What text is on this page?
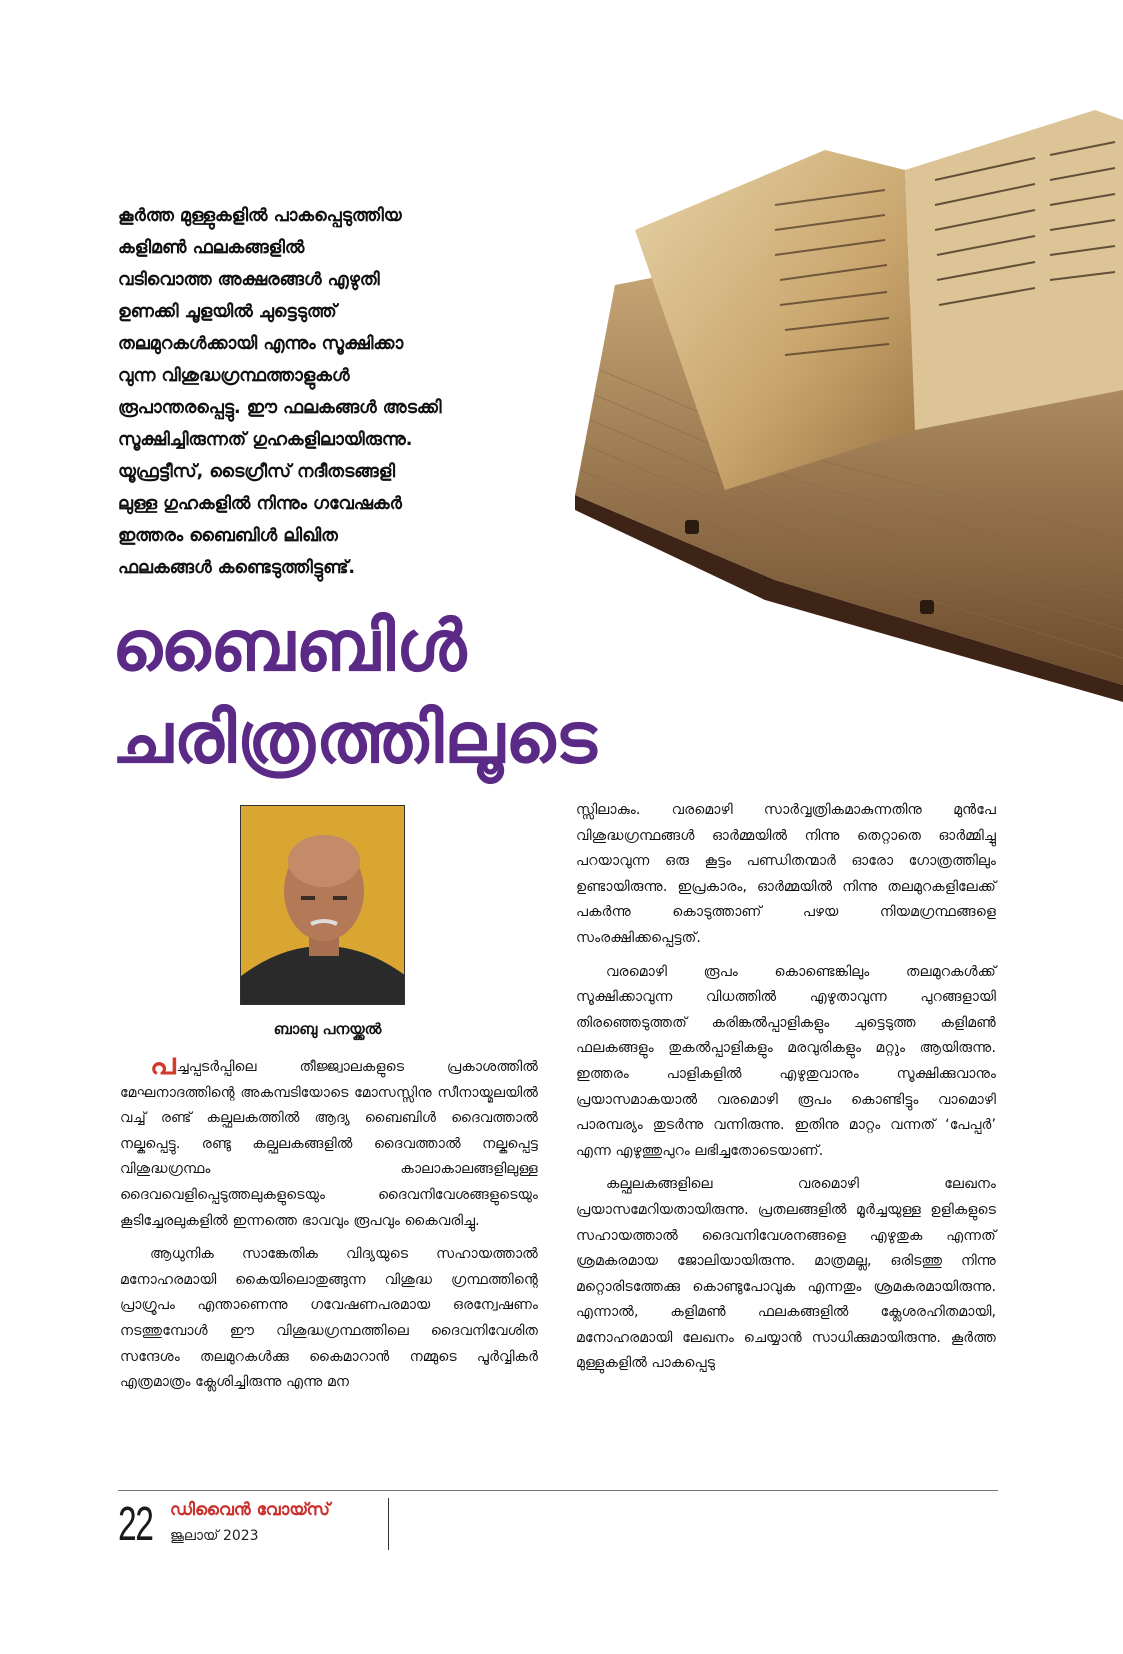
കൂർത്ത മുള്ളുകളിൽ പാകപ്പെടുത്തിയ

കളിമൺ ഫലകങ്ങളിൽ

വടിവൊത്ത അക്ഷരങ്ങൾ എഴുതി

ഉണക്കി ചൂളയിൽ ചുട്ടെടുത്ത്

തലമുറകൾക്കായി എന്നും സൂക്ഷിക്കാ

വുന്ന വിശുദ്ധഗ്രന്ഥത്താളുകൾ

രൂപാന്തരപ്പെട്ടു. ഈ ഫലകങ്ങൾ അടക്കി

സൂക്ഷിച്ചിരുന്നത് ഗുഹകളിലായിരുന്നു.

യൂഫ്രട്ടീസ്, ടൈഗ്രീസ് നദീതടങ്ങളി

ലുള്ള ഗുഹകളിൽ നിന്നും ഗവേഷകർ

ഇത്തരം ബൈബിൾ ലിഖിത

ഫലകങ്ങൾ കണ്ടെടുത്തിട്ടുണ്ട്.

ബൈബിൾ
ചരിത്രത്തിലൂടെ
ബാബു പനയ്ക്കൽ

പച്ചപ്പടർപ്പിലെ തീജ്ജ്വാലകളുടെ പ്രകാശത്തിൽ മേഘനാദത്തിന്റെ അകമ്പടിയോടെ മോസസ്സിനു സീനായ്മലയിൽ വച്ച് രണ്ട് കല്ഫലകത്തിൽ ആദ്യ ബൈബിൾ ദൈവത്താൽ നല്കപ്പെട്ടു. രണ്ടു കല്ഫലകങ്ങളിൽ ദൈവത്താൽ നല്കപ്പെട്ട വിശുദ്ധഗ്രന്ഥം കാലാകാലങ്ങളിലുള്ള ദൈവവെളിപ്പെടുത്തലുകളുടെയും ദൈവനിവേശങ്ങളുടെയും കൂടിച്ചേരലുകളിൽ ഇന്നത്തെ ഭാവവും രൂപവും കൈവരിച്ചു.

ആധുനിക സാങ്കേതിക വിദ്യയുടെ സഹായത്താൽ മനോഹരമായി കൈയിലൊതുങ്ങുന്ന വിശുദ്ധ ഗ്രന്ഥത്തിന്റെ പ്രാഗ്രൂപം എന്താണെന്നു ഗവേഷണപരമായ ഒരന്വേഷണം നടത്തുമ്പോൾ ഈ വിശുദ്ധഗ്രന്ഥത്തിലെ ദൈവനിവേശിത സന്ദേശം തലമുറകൾക്കു കൈമാറാൻ നമ്മുടെ പൂർവ്വികർ എത്രമാത്രം ക്ലേശിച്ചിരുന്നു എന്നു മന

സ്സിലാകും. വരമൊഴി സാർവ്വത്രികമാകുന്നതിനു മുൻപേ വിശുദ്ധഗ്രന്ഥങ്ങൾ ഓർമ്മയിൽ നിന്നു തെറ്റാതെ ഓർമ്മിച്ചു പറയാവുന്ന ഒരു കൂട്ടം പണ്ഡിതന്മാർ ഓരോ ഗോത്രത്തിലും ഉണ്ടായിരുന്നു. ഇപ്രകാരം, ഓർമ്മയിൽ നിന്നു തലമുറകളിലേക്ക് പകർന്നു കൊടുത്താണ് പഴയ നിയമഗ്രന്ഥങ്ങളെ സംരക്ഷിക്കപ്പെട്ടത്.

വരമൊഴി രൂപം കൊണ്ടെങ്കിലും തലമുറകൾക്ക് സൂക്ഷിക്കാവുന്ന വിധത്തിൽ എഴുതാവുന്ന പുറങ്ങളായി തിരഞ്ഞെടുത്തത് കരിങ്കൽപ്പാളികളും ചുട്ടെടുത്ത കളിമൺ ഫലകങ്ങളും തുകൽപ്പാളികളും മരവുരികളും മറ്റും ആയിരുന്നു. ഇത്തരം പാളികളിൽ എഴുതുവാനും സൂക്ഷിക്കുവാനും പ്രയാസമാകയാൽ വരമൊഴി രൂപം കൊണ്ടിട്ടും വാമൊഴി പാരമ്പര്യം തുടർന്നു വന്നിരുന്നു. ഇതിനു മാറ്റം വന്നത് ‘പേപ്പർ’ എന്ന എഴുത്തുപുറം ലഭിച്ചതോടെയാണ്.

കല്ഫലകങ്ങളിലെ വരമൊഴി ലേഖനം പ്രയാസമേറിയതായിരുന്നു. പ്രതലങ്ങളിൽ മൂർച്ചയുള്ള ഉളികളുടെ സഹായത്താൽ ദൈവനിവേശനങ്ങളെ എഴുതുക എന്നത് ശ്രമകരമായ ജോലിയായിരുന്നു. മാത്രമല്ല, ഒരിടത്തു നിന്നു മറ്റൊരിടത്തേക്കു കൊണ്ടുപോവുക എന്നതും ശ്രമകരമായിരുന്നു. എന്നാൽ, കളിമൺ ഫലകങ്ങളിൽ ക്ലേശരഹിതമായി, മനോഹരമായി ലേഖനം ചെയ്യാൻ സാധിക്കുമായിരുന്നു. കൂർത്ത മുള്ളുകളിൽ പാകപ്പെടു

22 ഡിവൈൻ വോയ്സ്
ജൂലായ് 2023
